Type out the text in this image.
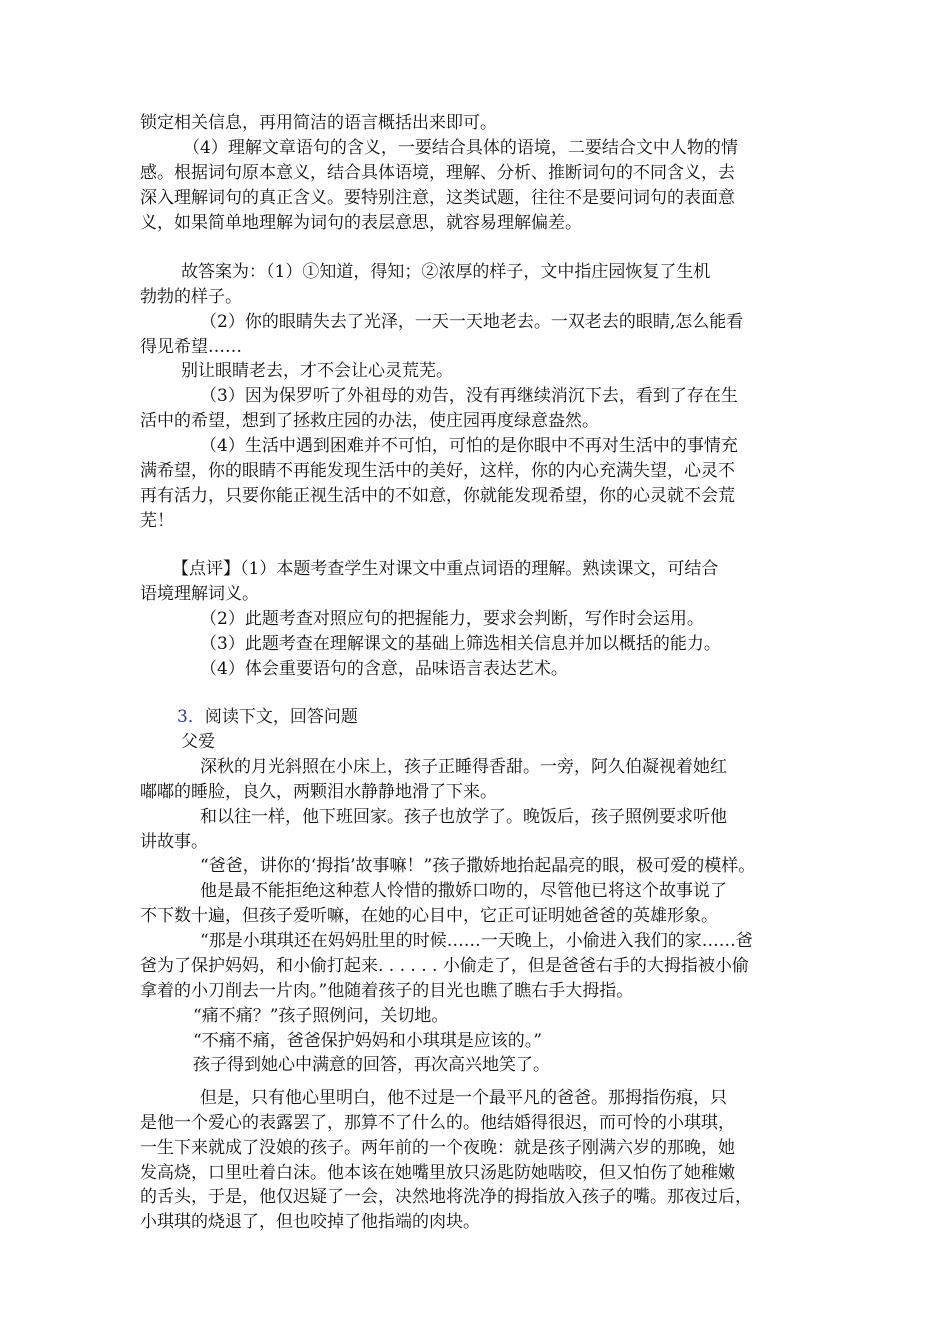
锁定相关信息，再用简洁的语言概括出来即可。
（4）理解文章语句的含义，一要结合具体的语境，二要结合文中人物的情
感。根据词句原本意义，结合具体语境，理解、分析、推断词句的不同含义，去
深入理解词句的真正含义。要特别注意，这类试题，往往不是要问词句的表面意
义，如果简单地理解为词句的表层意思，就容易理解偏差。
故答案为：（1）①知道，得知；②浓厚的样子，文中指庄园恢复了生机
勃勃的样子。
（2）你的眼睛失去了光泽，一天一天地老去。一双老去的眼睛,怎么能看
得见希望……
别让眼睛老去，才不会让心灵荒芜。
（3）因为保罗听了外祖母的劝告，没有再继续消沉下去，看到了存在生
活中的希望，想到了拯救庄园的办法，使庄园再度绿意盎然。
（4）生活中遇到困难并不可怕，可怕的是你眼中不再对生活中的事情充
满希望，你的眼睛不再能发现生活中的美好，这样，你的内心充满失望，心灵不
再有活力，只要你能正视生活中的不如意，你就能发现希望，你的心灵就不会荒
芜！
【点评】（1）本题考查学生对课文中重点词语的理解。熟读课文，可结合
语境理解词义。
（2）此题考查对照应句的把握能力，要求会判断，写作时会运用。
（3）此题考查在理解课文的基础上筛选相关信息并加以概括的能力。
（4）体会重要语句的含意，品味语言表达艺术。
3．阅读下文，回答问题
父爱
深秋的月光斜照在小床上，孩子正睡得香甜。一旁，阿久伯凝视着她红
嘟嘟的睡脸，良久，两颗泪水静静地滑了下来。
和以往一样，他下班回家。孩子也放学了。晚饭后，孩子照例要求听他
讲故事。
“爸爸，讲你的‘拇指’故事嘛！”孩子撒娇地抬起晶亮的眼，极可爱的模样。
他是最不能拒绝这种惹人怜惜的撒娇口吻的，尽管他已将这个故事说了
不下数十遍，但孩子爱听嘛，在她的心目中，它正可证明她爸爸的英雄形象。
“那是小琪琪还在妈妈肚里的时候……一天晚上，小偷进入我们的家……爸
爸为了保护妈妈，和小偷打起来. . . . . . 小偷走了，但是爸爸右手的大拇指被小偷
拿着的小刀削去一片肉。”他随着孩子的目光也瞧了瞧右手大拇指。
“痛不痛？”孩子照例问，关切地。
“不痛不痛，爸爸保护妈妈和小琪琪是应该的。”
孩子得到她心中满意的回答，再次高兴地笑了。
但是，只有他心里明白，他不过是一个最平凡的爸爸。那拇指伤痕，只
是他一个爱心的表露罢了，那算不了什么的。他结婚得很迟，而可怜的小琪琪，
一生下来就成了没娘的孩子。两年前的一个夜晚：就是孩子刚满六岁的那晚，她
发高烧，口里吐着白沫。他本该在她嘴里放只汤匙防她啮咬，但又怕伤了她稚嫩
的舌头，于是，他仅迟疑了一会，决然地将洗净的拇指放入孩子的嘴。那夜过后，
小琪琪的烧退了，但也咬掉了他指端的肉块。
